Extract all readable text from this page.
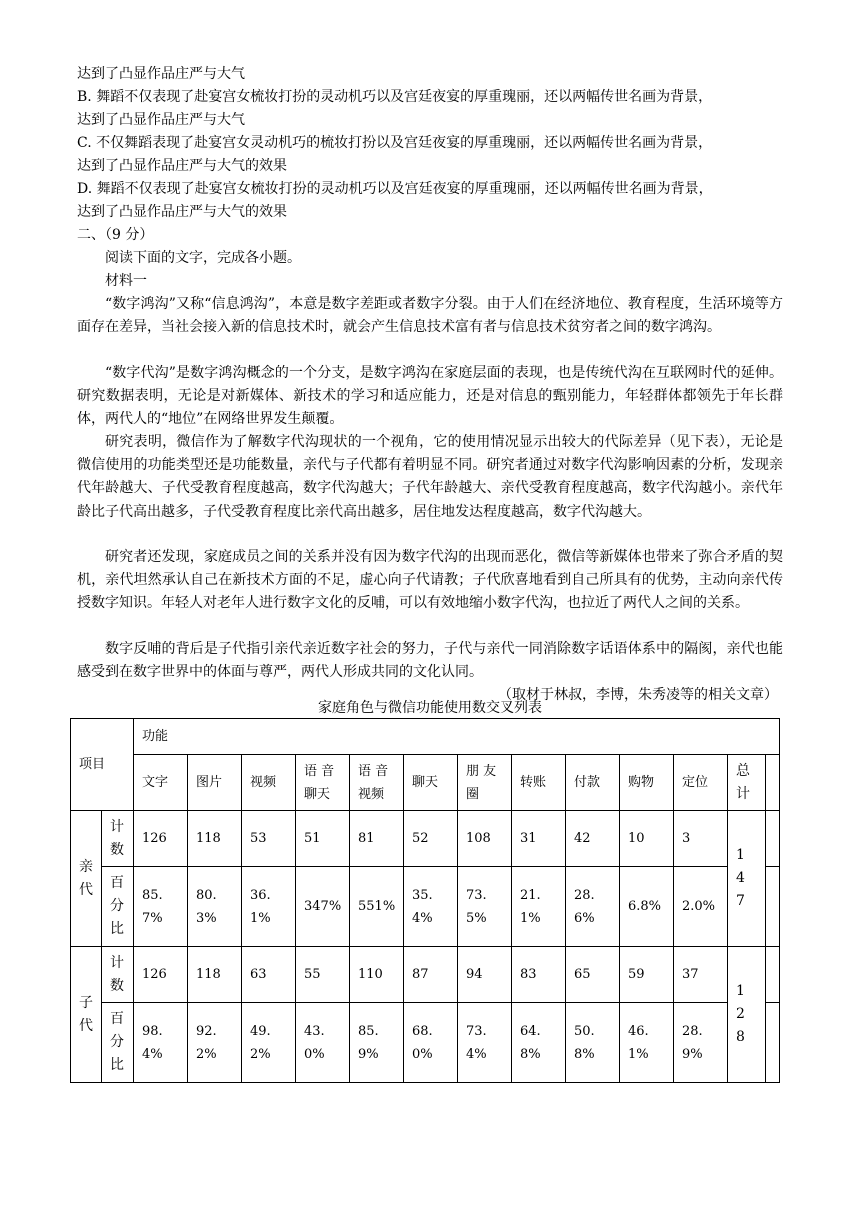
达到了凸显作品庄严与大气
B. 舞蹈不仅表现了赴宴宫女梳妆打扮的灵动机巧以及宫廷夜宴的厚重瑰丽，还以两幅传世名画为背景，
达到了凸显作品庄严与大气
C. 不仅舞蹈表现了赴宴宫女灵动机巧的梳妆打扮以及宫廷夜宴的厚重瑰丽，还以两幅传世名画为背景，
达到了凸显作品庄严与大气的效果
D. 舞蹈不仅表现了赴宴宫女梳妆打扮的灵动机巧以及宫廷夜宴的厚重瑰丽，还以两幅传世名画为背景，
达到了凸显作品庄严与大气的效果
二、（9 分）
阅读下面的文字，完成各小题。
材料一
“数字鸿沟”又称“信息鸿沟”，本意是数字差距或者数字分裂。由于人们在经济地位、教育程度，生活环境等方面存在差异，当社会接入新的信息技术时，就会产生信息技术富有者与信息技术贫穷者之间的数字鸿沟。
“数字代沟”是数字鸿沟概念的一个分支，是数字鸿沟在家庭层面的表现，也是传统代沟在互联网时代的延伸。研究数据表明，无论是对新媒体、新技术的学习和适应能力，还是对信息的甄别能力，年轻群体都领先于年长群体，两代人的“地位”在网络世界发生颠覆。
研究表明，微信作为了解数字代沟现状的一个视角，它的使用情况显示出较大的代际差异（见下表），无论是微信使用的功能类型还是功能数量，亲代与子代都有着明显不同。研究者通过对数字代沟影响因素的分析，发现亲代年龄越大、子代受教育程度越高，数字代沟越大；子代年龄越大、亲代受教育程度越高，数字代沟越小。亲代年龄比子代高出越多，子代受教育程度比亲代高出越多，居住地发达程度越高，数字代沟越大。
研究者还发现，家庭成员之间的关系并没有因为数字代沟的出现而恶化，微信等新媒体也带来了弥合矛盾的契机，亲代坦然承认自己在新技术方面的不足，虚心向子代请教；子代欣喜地看到自己所具有的优势，主动向亲代传授数字知识。年轻人对老年人进行数字文化的反哺，可以有效地缩小数字代沟，也拉近了两代人之间的关系。
数字反哺的背后是子代指引亲代亲近数字社会的努力，子代与亲代一同消除数字话语体系中的隔阂，亲代也能感受到在数字世界中的体面与尊严，两代人形成共同的文化认同。
（取材于林叔，李博，朱秀凌等的相关文章）
家庭角色与微信功能使用数交叉列表
项目		功能												
		文字	图片	视频	语 音聊天	语 音视频	聊天	朋 友圈	转账	付款	购物	定位	总计	
亲代	计数	126	118	53	51	81	52	108	31	42	10	3	147	
	百分比	85.7%	80.3%	36.1%	347%	551%	35.4%	73.5%	21.1%	28.6%	6.8%	2.0%		
子代	计数	126	118	63	55	110	87	94	83	65	59	37	128	
	百分比	98.4%	92.2%	49.2%	43.0%	85.9%	68.0%	73.4%	64.8%	50.8%	46.1%	28.9%		
